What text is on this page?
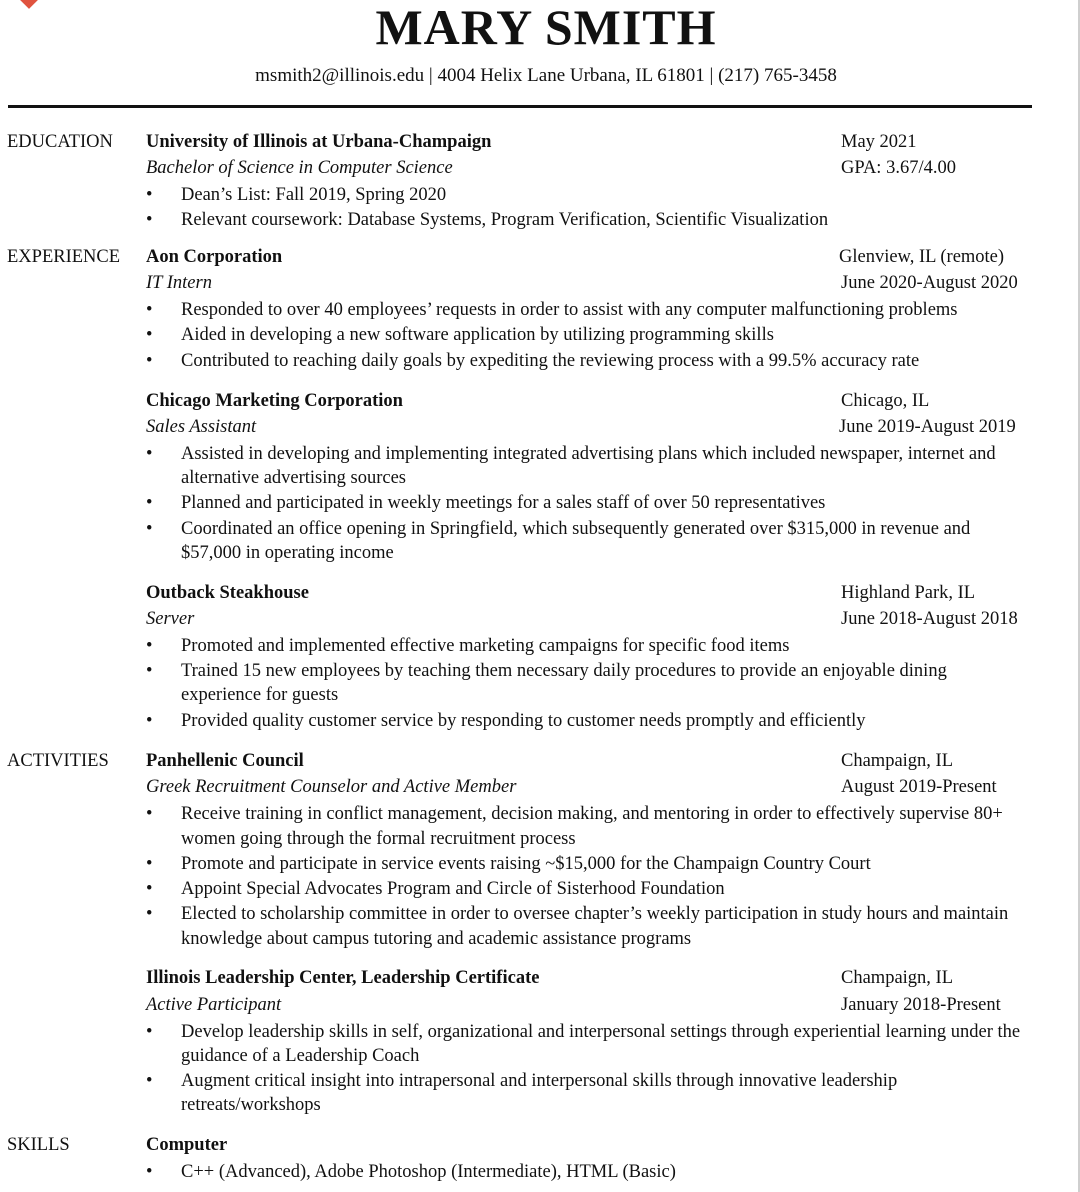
MARY SMITH
msmith2@illinois.edu | 4004 Helix Lane Urbana, IL 61801 | (217) 765-3458
EDUCATION University of Illinois at Urbana-Champaign	May 2021
Bachelor of Science in Computer Science	GPA: 3.67/4.00
• Dean’s List: Fall 2019, Spring 2020
• Relevant coursework: Database Systems, Program Verification, Scientific Visualization
EXPERIENCE Aon Corporation	Glenview, IL (remote)
IT Intern	June 2020-August 2020
• Responded to over 40 employees’ requests in order to assist with any computer malfunctioning problems
• Aided in developing a new software application by utilizing programming skills
• Contributed to reaching daily goals by expediting the reviewing process with a 99.5% accuracy rate
Chicago Marketing Corporation	Chicago, IL
Sales Assistant	June 2019-August 2019
• Assisted in developing and implementing integrated advertising plans which included newspaper, internet and
alternative advertising sources
• Planned and participated in weekly meetings for a sales staff of over 50 representatives
• Coordinated an office opening in Springfield, which subsequently generated over $315,000 in revenue and
$57,000 in operating income
Outback Steakhouse	Highland Park, IL
Server	June 2018-August 2018
• Promoted and implemented effective marketing campaigns for specific food items
• Trained 15 new employees by teaching them necessary daily procedures to provide an enjoyable dining
experience for guests
• Provided quality customer service by responding to customer needs promptly and efficiently
ACTIVITIES Panhellenic Council	Champaign, IL
Greek Recruitment Counselor and Active Member	August 2019-Present
• Receive training in conflict management, decision making, and mentoring in order to effectively supervise 80+
women going through the formal recruitment process
• Promote and participate in service events raising ~$15,000 for the Champaign Country Court
• Appoint Special Advocates Program and Circle of Sisterhood Foundation
• Elected to scholarship committee in order to oversee chapter’s weekly participation in study hours and maintain
knowledge about campus tutoring and academic assistance programs
Illinois Leadership Center, Leadership Certificate	Champaign, IL
Active Participant	January 2018-Present
• Develop leadership skills in self, organizational and interpersonal settings through experiential learning under the
guidance of a Leadership Coach
• Augment critical insight into intrapersonal and interpersonal skills through innovative leadership
retreats/workshops
SKILLS	Computer
• C++ (Advanced), Adobe Photoshop (Intermediate), HTML (Basic)
